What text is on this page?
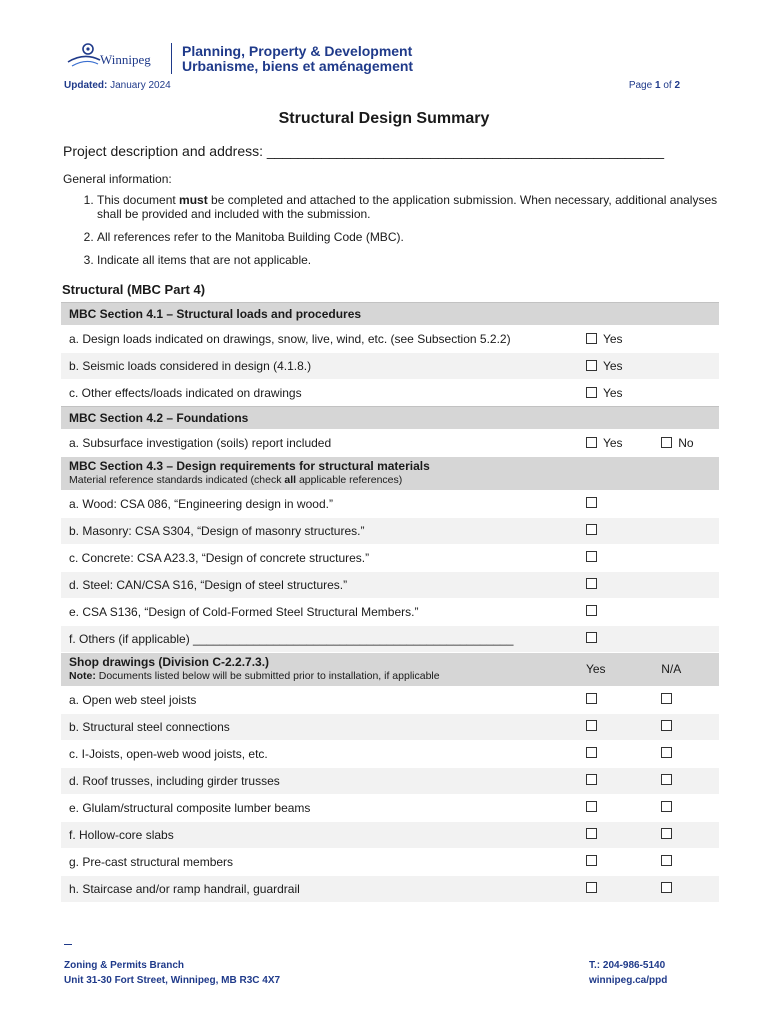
Winnipeg
Planning, Property & Development
Urbanisme, biens et aménagement
Updated: January 2024	Page 1 of 2
Structural Design Summary
Project description and address: ___________________________________________________
General information:
1. This document must be completed and attached to the application submission. When necessary, additional analyses shall be provided and included with the submission.
2. All references refer to the Manitoba Building Code (MBC).
3. Indicate all items that are not applicable.
Structural (MBC Part 4)
MBC Section 4.1 – Structural loads and procedures		
a. Design loads indicated on drawings, snow, live, wind, etc. (see Subsection 5.2.2)	Yes	
b. Seismic loads considered in design (4.1.8.)	Yes	
c. Other effects/loads indicated on drawings	Yes	
MBC Section 4.2 – Foundations		
a. Subsurface investigation (soils) report included	Yes	No
MBC Section 4.3 – Design requirements for structural materials
Material reference standards indicated (check all applicable references)		
a. Wood: CSA 086, “Engineering design in wood.”		
b. Masonry: CSA S304, “Design of masonry structures.”		
c. Concrete: CSA A23.3, “Design of concrete structures.”		
d. Steel: CAN/CSA S16, “Design of steel structures.”		
e. CSA S136, “Design of Cold-Formed Steel Structural Members.”		
f. Others (if applicable) ________________________________________________		
Shop drawings (Division C-2.2.7.3.)
Note: Documents listed below will be submitted prior to installation, if applicable	Yes	N/A
a. Open web steel joists		
b. Structural steel connections		
c. I-Joists, open-web wood joists, etc.		
d. Roof trusses, including girder trusses		
e. Glulam/structural composite lumber beams		
f. Hollow-core slabs		
g. Pre-cast structural members		
h. Staircase and/or ramp handrail, guardrail		
Zoning & Permits Branch
Unit 31-30 Fort Street, Winnipeg, MB R3C 4X7
T.: 204-986-5140
winnipeg.ca/ppd
